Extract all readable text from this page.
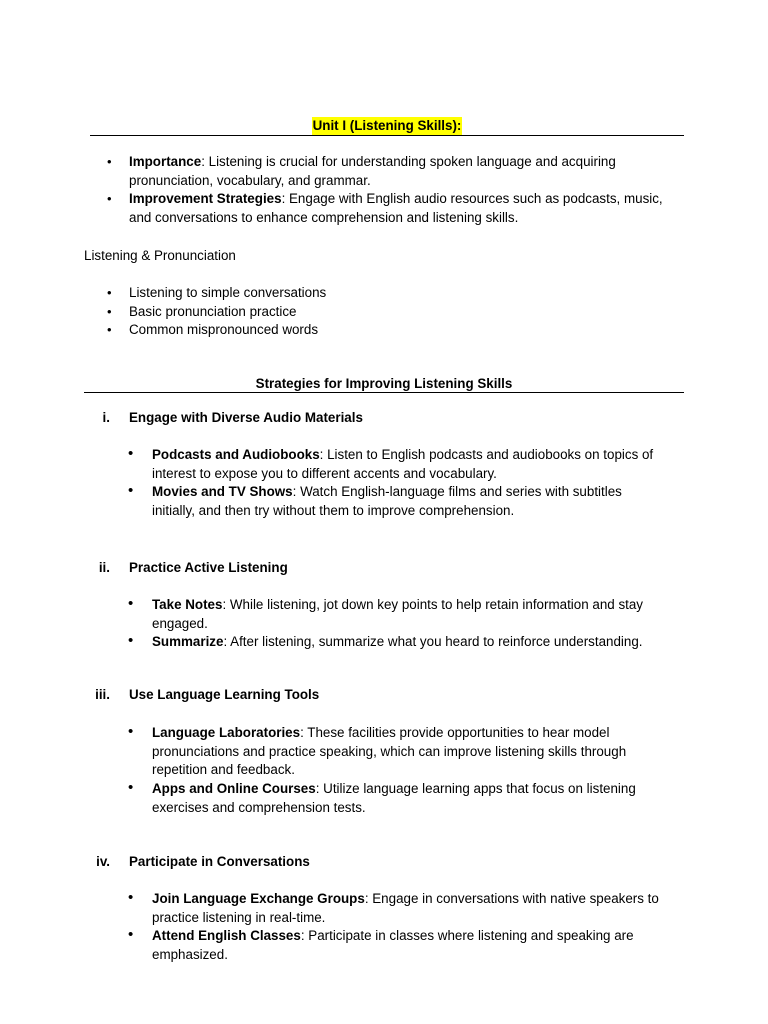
Unit I (Listening Skills):
• Importance: Listening is crucial for understanding spoken language and acquiring
pronunciation, vocabulary, and grammar.
• Improvement Strategies: Engage with English audio resources such as podcasts, music,
and conversations to enhance comprehension and listening skills.
Listening & Pronunciation
• Listening to simple conversations
• Basic pronunciation practice
• Common mispronounced words
Strategies for Improving Listening Skills
i. Engage with Diverse Audio Materials
• Podcasts and Audiobooks: Listen to English podcasts and audiobooks on topics of
interest to expose you to different accents and vocabulary.
• Movies and TV Shows: Watch English-language films and series with subtitles
initially, and then try without them to improve comprehension.
ii. Practice Active Listening
• Take Notes: While listening, jot down key points to help retain information and stay
engaged.
• Summarize: After listening, summarize what you heard to reinforce understanding.
iii. Use Language Learning Tools
• Language Laboratories: These facilities provide opportunities to hear model
pronunciations and practice speaking, which can improve listening skills through
repetition and feedback.
• Apps and Online Courses: Utilize language learning apps that focus on listening
exercises and comprehension tests.
iv. Participate in Conversations
• Join Language Exchange Groups: Engage in conversations with native speakers to
practice listening in real-time.
• Attend English Classes: Participate in classes where listening and speaking are
emphasized.
